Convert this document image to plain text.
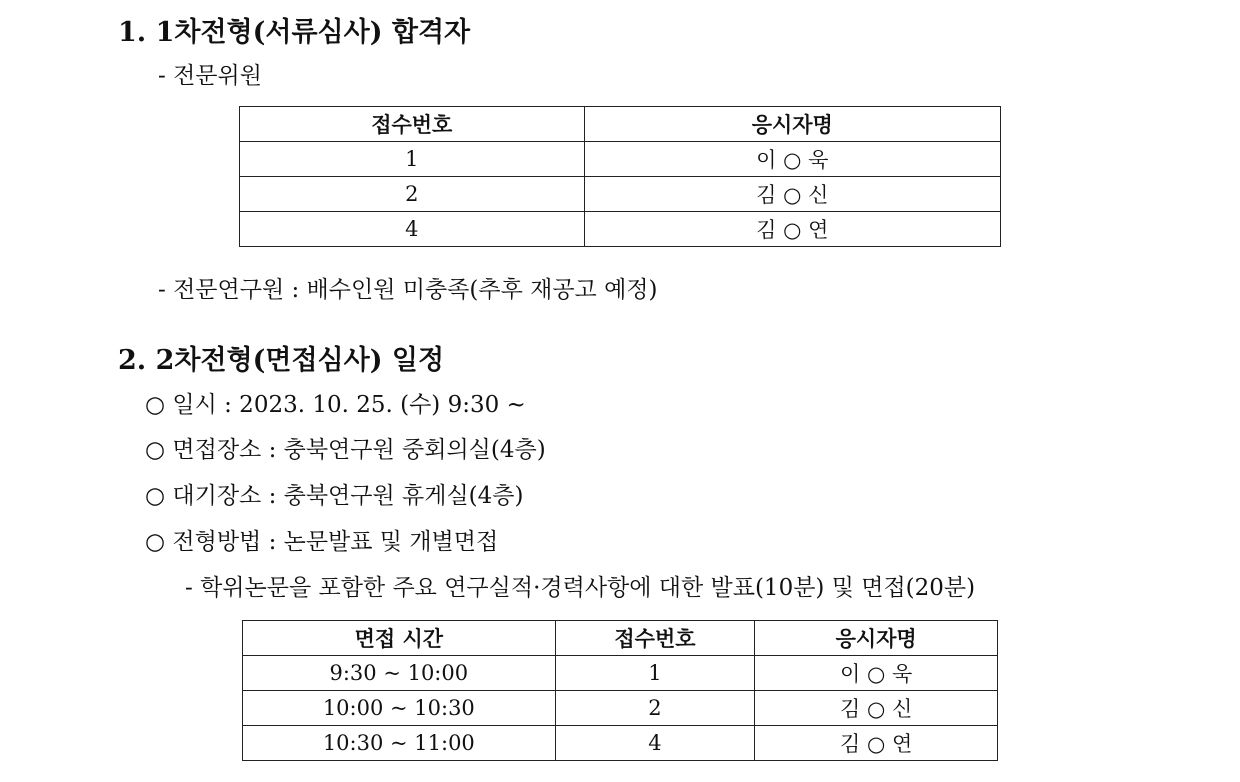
1. 1차전형(서류심사) 합격자
- 전문위원
접수번호	응시자명
1	이 ○ 욱
2	김 ○ 신
4	김 ○ 연
- 전문연구원 : 배수인원 미충족(추후 재공고 예정)
2. 2차전형(면접심사) 일정
○ 일시 : 2023. 10. 25. (수) 9:30 ~
○ 면접장소 : 충북연구원 중회의실(4층)
○ 대기장소 : 충북연구원 휴게실(4층)
○ 전형방법 : 논문발표 및 개별면접
- 학위논문을 포함한 주요 연구실적·경력사항에 대한 발표(10분) 및 면접(20분)
면접 시간	접수번호	응시자명
9:30 ~ 10:00	1	이 ○ 욱
10:00 ~ 10:30	2	김 ○ 신
10:30 ~ 11:00	4	김 ○ 연
